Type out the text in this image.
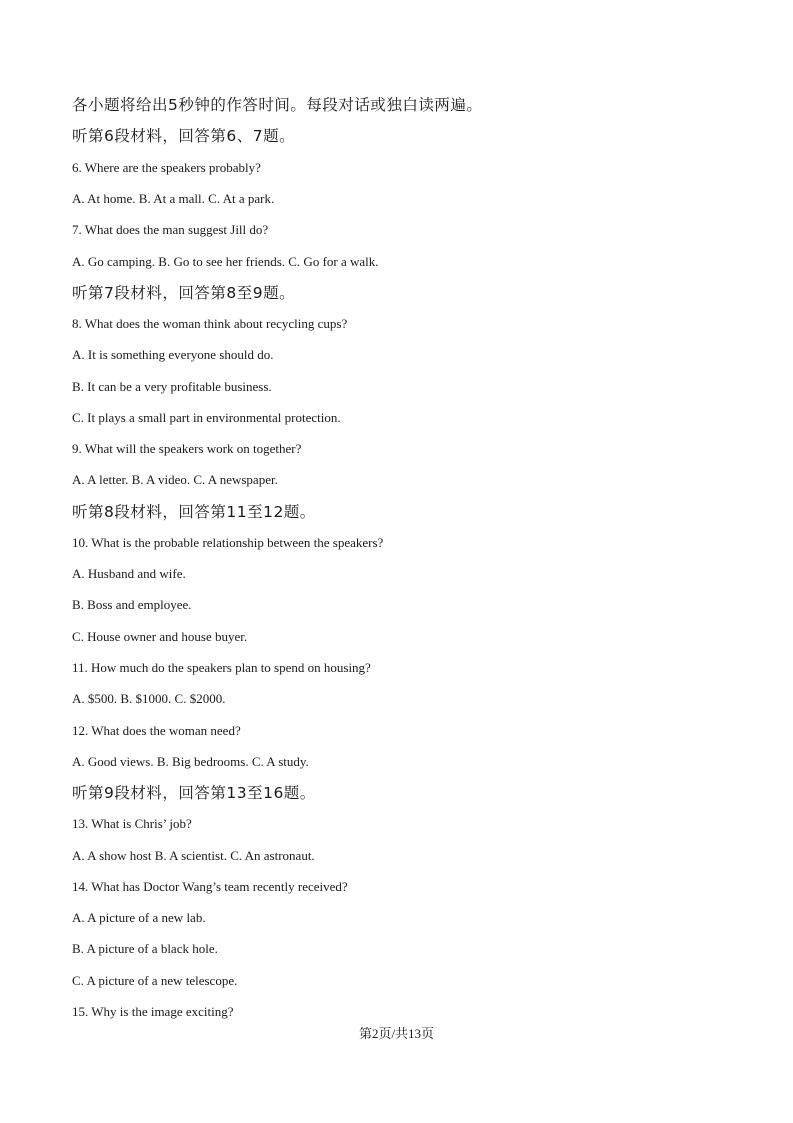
各小题将给出5秒钟的作答时间。每段对话或独白读两遍。
听第6段材料，回答第6、7题。
6. Where are the speakers probably?
A. At home. B. At a mall. C. At a park.
7. What does the man suggest Jill do?
A. Go camping. B. Go to see her friends. C. Go for a walk.
听第7段材料，回答第8至9题。
8. What does the woman think about recycling cups?
A. It is something everyone should do.
B. It can be a very profitable business.
C. It plays a small part in environmental protection.
9. What will the speakers work on together?
A. A letter. B. A video. C. A newspaper.
听第8段材料，回答第11至12题。
10. What is the probable relationship between the speakers?
A. Husband and wife.
B. Boss and employee.
C. House owner and house buyer.
11. How much do the speakers plan to spend on housing?
A. $500. B. $1000. C. $2000.
12. What does the woman need?
A. Good views. B. Big bedrooms. C. A study.
听第9段材料，回答第13至16题。
13. What is Chris’ job?
A. A show host B. A scientist. C. An astronaut.
14. What has Doctor Wang’s team recently received?
A. A picture of a new lab.
B. A picture of a black hole.
C. A picture of a new telescope.
15. Why is the image exciting?
第2页/共13页
